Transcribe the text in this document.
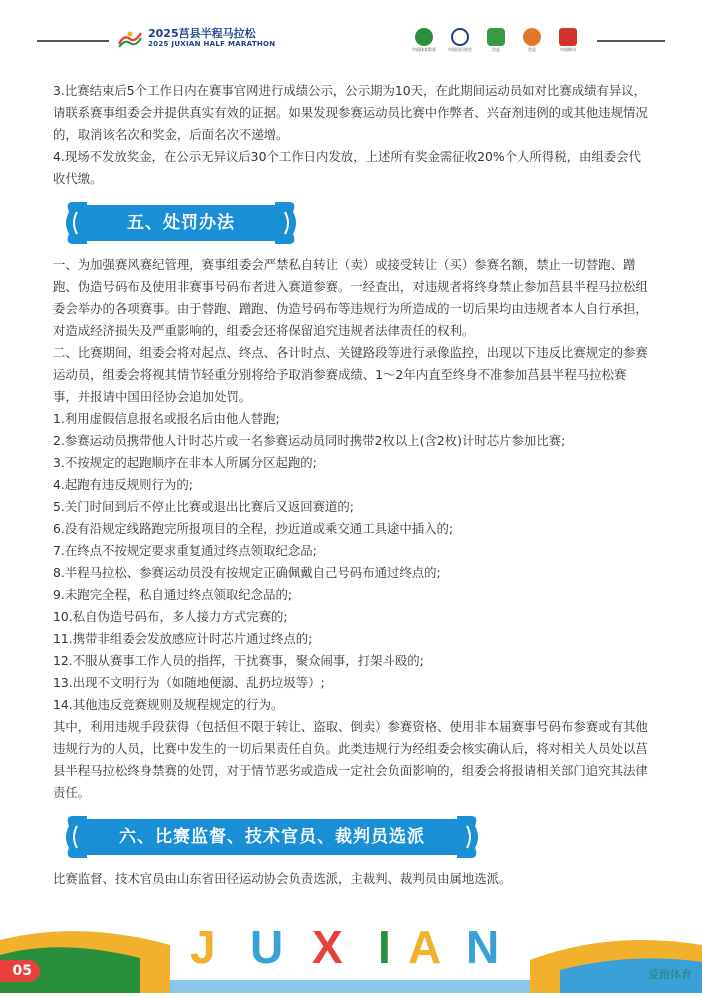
2025莒县半程马拉松
2025 JUXIAN HALF MARATHON
中国体育彩票	中国田径协会	莒县	莒县	中国移动

3.比赛结束后5个工作日内在赛事官网进行成绩公示，公示期为10天，在此期间运动员如对比赛成绩有异议，请联系赛事组委会并提供真实有效的证据。如果发现参赛运动员比赛中作弊者、兴奋剂违例的或其他违规情况的，取消该名次和奖金，后面名次不递增。

4.现场不发放奖金，在公示无异议后30个工作日内发放，上述所有奖金需征收20%个人所得税，由组委会代收代缴。

五、处罚办法

一、为加强赛风赛纪管理，赛事组委会严禁私自转让（卖）或接受转让（买）参赛名额，禁止一切替跑、蹭跑、伪造号码布及使用非赛事号码布者进入赛道参赛。一经查出，对违规者将终身禁止参加莒县半程马拉松组委会举办的各项赛事。由于替跑、蹭跑、伪造号码布等违规行为所造成的一切后果均由违规者本人自行承担，对造成经济损失及严重影响的，组委会还将保留追究违规者法律责任的权利。

二、比赛期间，组委会将对起点、终点、各计时点、关键路段等进行录像监控，出现以下违反比赛规定的参赛运动员，组委会将视其情节轻重分别将给予取消参赛成绩、1～2年内直至终身不准参加莒县半程马拉松赛事，并报请中国田径协会追加处罚。

1.利用虚假信息报名或报名后由他人替跑;

2.参赛运动员携带他人计时芯片或一名参赛运动员同时携带2枚以上(含2枚)计时芯片参加比赛;

3.不按规定的起跑顺序在非本人所属分区起跑的;

4.起跑有违反规则行为的;

5.关门时间到后不停止比赛或退出比赛后又返回赛道的;

6.没有沿规定线路跑完所报项目的全程，抄近道或乘交通工具途中插入的;

7.在终点不按规定要求重复通过终点领取纪念品;

8.半程马拉松、参赛运动员没有按规定正确佩戴自己号码布通过终点的;

9.未跑完全程，私自通过终点领取纪念品的;

10.私自伪造号码布，多人接力方式完赛的;

11.携带非组委会发放感应计时芯片通过终点的;

12.不服从赛事工作人员的指挥，干扰赛事，聚众闹事，打架斗殴的;

13.出现不文明行为（如随地便溺、乱扔垃圾等）;

14.其他违反竞赛规则及规程规定的行为。

其中，利用违规手段获得（包括但不限于转让、盗取、倒卖）参赛资格、使用非本届赛事号码布参赛或有其他违规行为的人员，比赛中发生的一切后果责任自负。此类违规行为经组委会核实确认后，将对相关人员处以莒县半程马拉松终身禁赛的处罚，对于情节恶劣或造成一定社会负面影响的，组委会将报请相关部门追究其法律责任。

六、比赛监督、技术官员、裁判员选派

比赛监督、技术官员由山东省田径运动协会负责选派，主裁判、裁判员由属地选派。

J U X I A N
05	爱跑体育
